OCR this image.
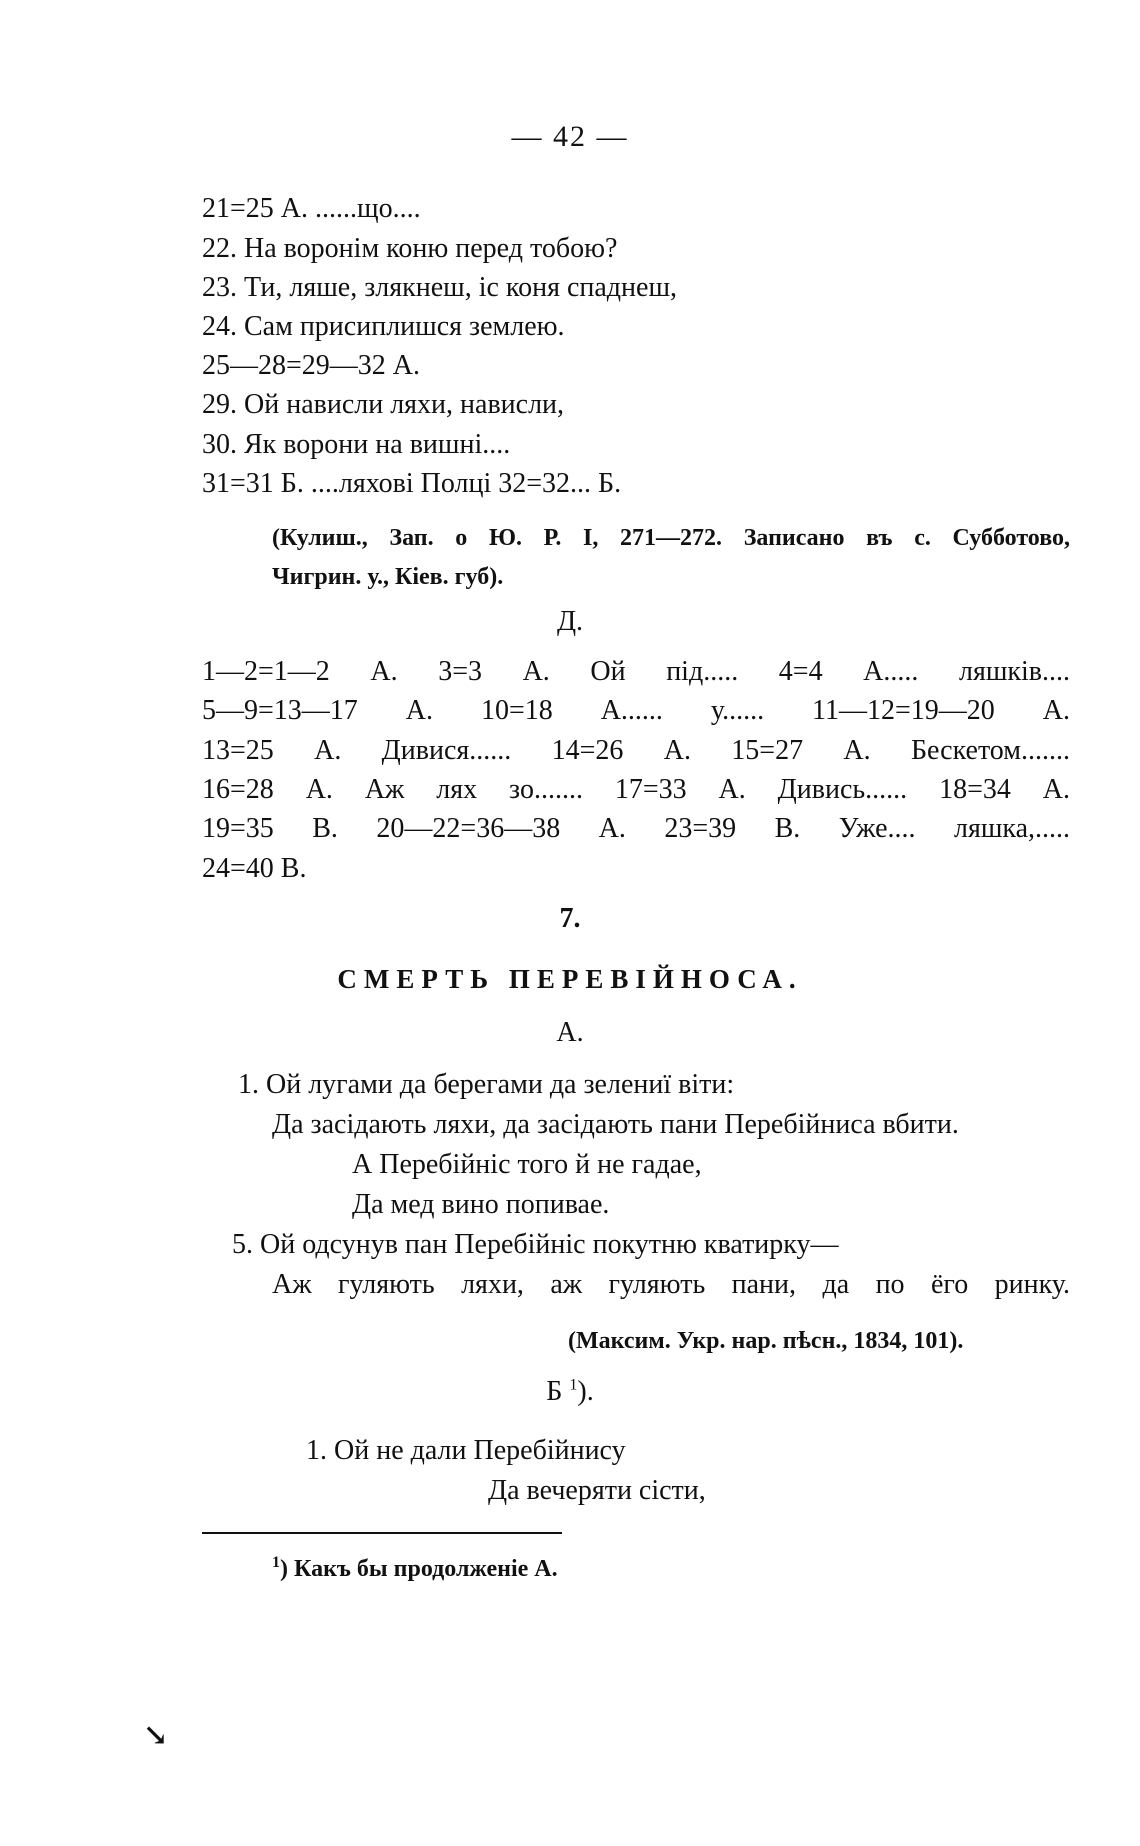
— 42 —
21=25 А. ......що....
22. На воронім коню перед тобою?
23. Ти, ляше, злякнеш, іс коня спаднеш,
24. Сам присиплишся землею.
25—28=29—32 А.
29. Ой нависли ляхи, нависли,
30. Як ворони на вишні....
31=31 Б. ....ляхові Полці 32=32... Б.
(Кулиш., Зап. о Ю. Р. I, 271—272. Записано въ с. Субботово,
Чигрин. у., Кiев. губ).
Д.
1—2=1—2 А. 3=3 А. Ой під..... 4=4 А..... ляшків....
5—9=13—17 А. 10=18 А...... у...... 11—12=19—20 А.
13=25 А. Дивися...... 14=26 А. 15=27 А. Бескетом.......
16=28 А. Аж лях зо....... 17=33 А. Дивись...... 18=34 А.
19=35 В. 20—22=36—38 А. 23=39 В. Уже.... ляшка,.....
24=40 В.
7.
СМЕРТЬ ПЕРЕВІЙНОСА.
А.
1. Ой лугами да берегами да зелениї віти:
Да засідають ляхи, да засідають пани Перебійниса вбити.
А Перебійніс того й не гадае,
Да мед вино попивае.
5. Ой одсунув пан Перебійніс покутню кватирку—
Аж гуляють ляхи, аж гуляють пани, да по ёго ринку.
(Максим. Укр. нар. пѣсн., 1834, 101).
Б $^1$).
1. Ой не дали Перебійнису
Да вечеряти сісти,
$^1$) Какъ бы продолженiе А.
↘
